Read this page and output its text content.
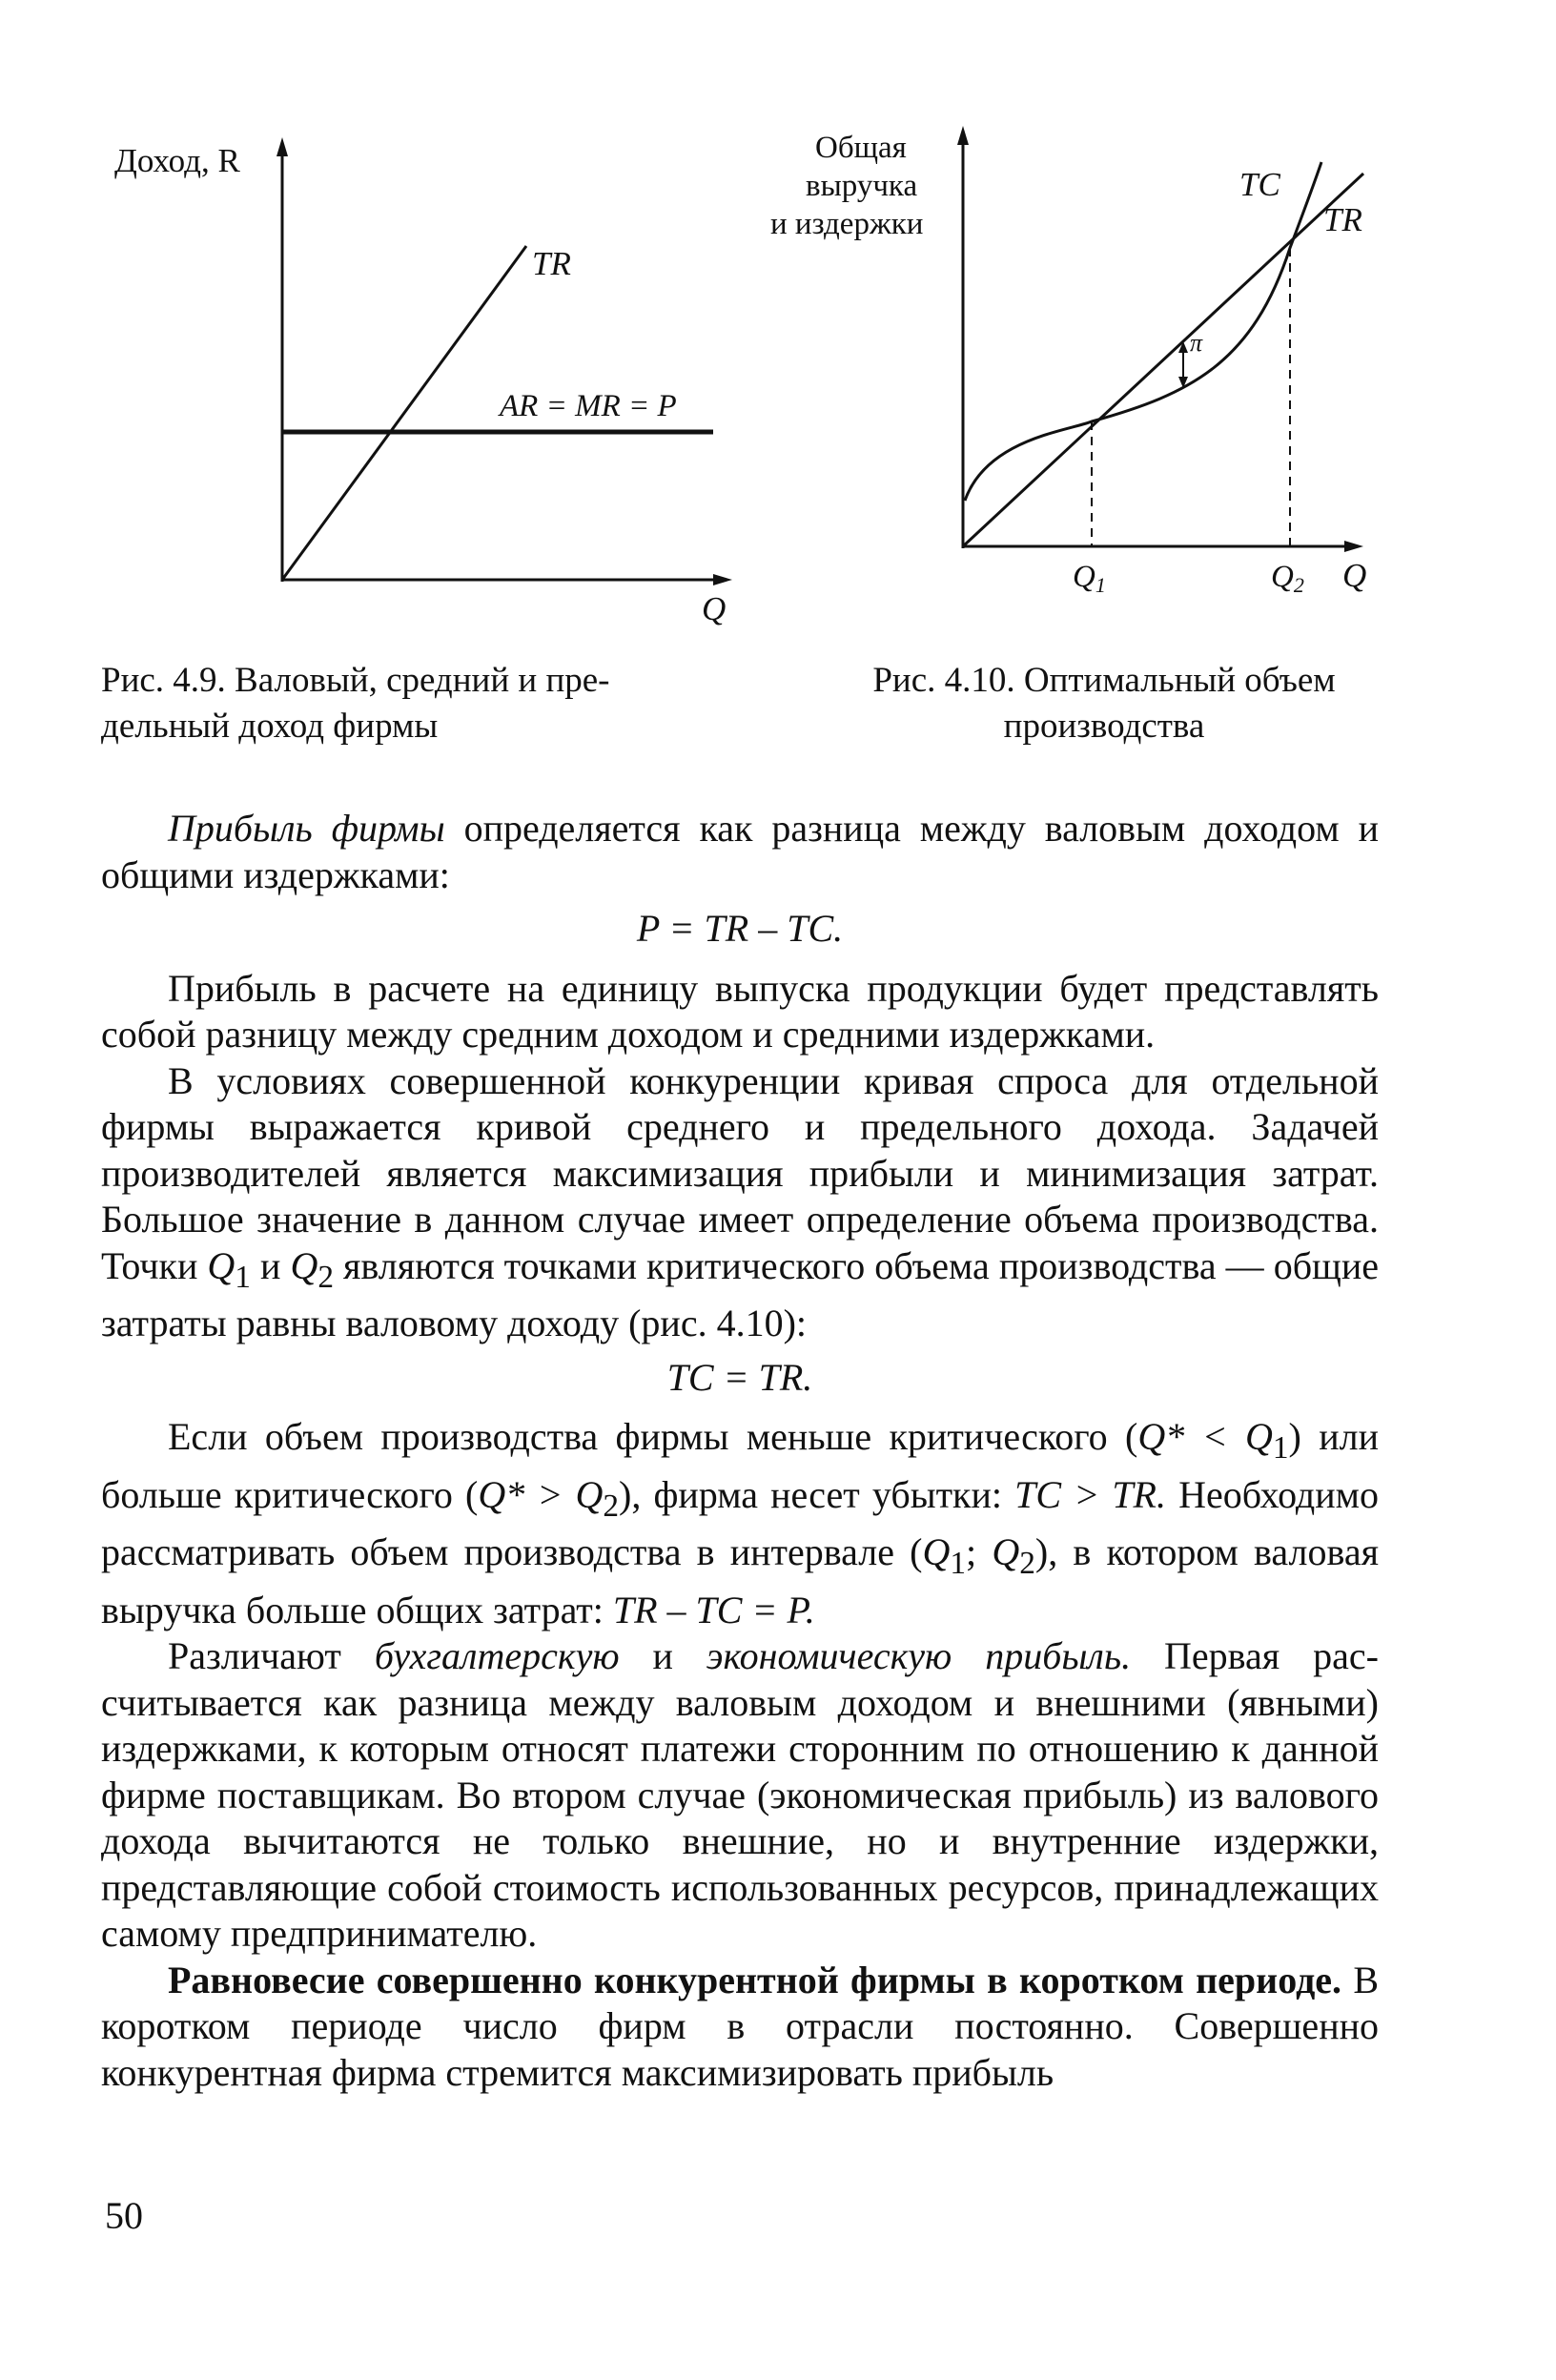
Доход, R
TR
AR = MR = P
Q
π
Общая
выручка
и издержки
TC
TR
Q1	Q2 Q
Рис. 4.9. Валовый, средний и пре-
дельный доход фирмы
Рис. 4.10. Оптимальный объем
производства

Прибыль фирмы определяется как разница между валовым доходом и общими издержками:

P = TR – TC.

Прибыль в расчете на единицу выпуска продукции будет представлять собой разницу между средним доходом и средними издержками.

В условиях совершенной конкуренции кривая спроса для отдельной фирмы выражается кривой среднего и предельного дохода. Задачей производителей является максимизация прибыли и минимизация затрат. Большое значение в данном случае имеет определение объема производства. Точки $Q_1$ и $Q_2$ являются точками критического объема производства — общие затраты равны валовому доходу (рис. 4.10):

TC = TR.

Если объем производства фирмы меньше критического $(Q* < Q_1)$ или больше критического $(Q* > Q_2)$, фирма несет убытки: TC > TR. Необходимо рассматривать объем производства в интервале ($Q_1$; $Q_2$), в котором валовая выручка больше общих затрат: TR – TC = P.

Различают бухгалтерскую и экономическую прибыль. Первая рассчитывается как разница между валовым доходом и внешними (явными) издержками, к которым относят платежи сторонним по отношению к данной фирме поставщикам. Во втором случае (экономическая прибыль) из валового дохода вычитаются не только внешние, но и внутренние издержки, представляющие собой стоимость использованных ресурсов, принадлежащих самому предпринимателю.

Равновесие совершенно конкурентной фирмы в коротком периоде. В коротком периоде число фирм в отрасли постоянно. Совершенно конкурентная фирма стремится максимизировать прибыль

50
